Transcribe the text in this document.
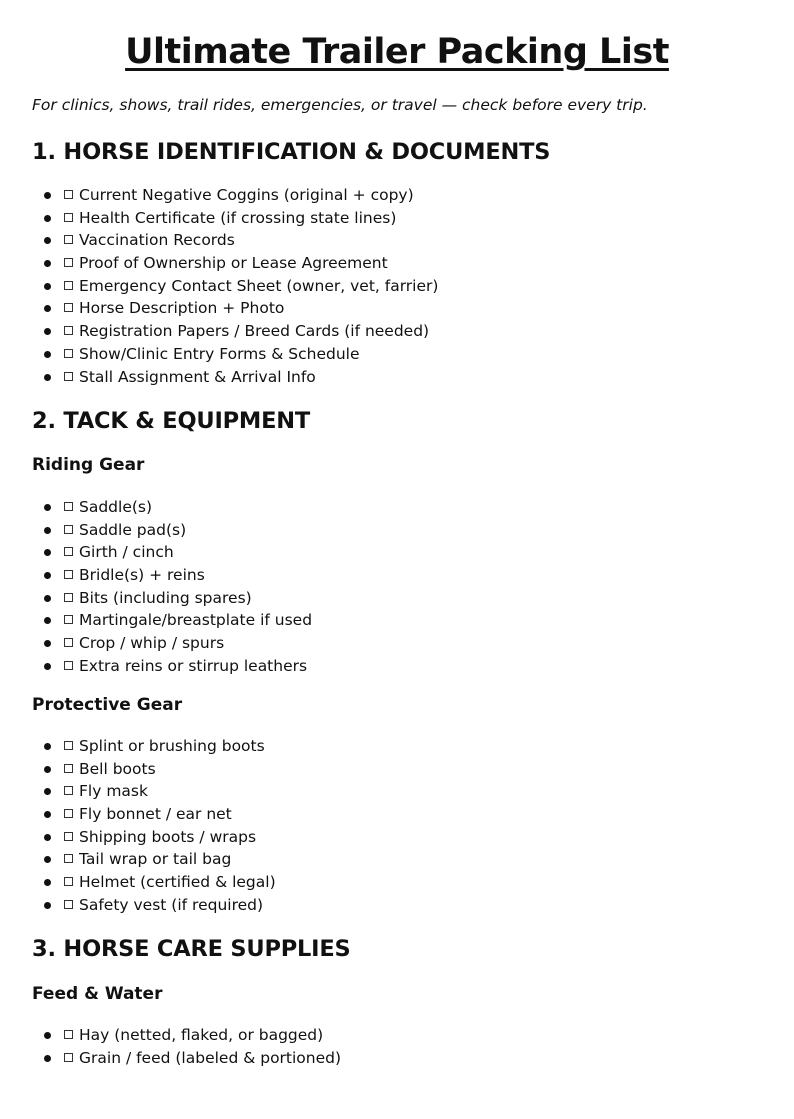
Ultimate Trailer Packing List

For clinics, shows, trail rides, emergencies, or travel — check before every trip.

1. HORSE IDENTIFICATION & DOCUMENTS
Current Negative Coggins (original + copy)
Health Certificate (if crossing state lines)
Vaccination Records
Proof of Ownership or Lease Agreement
Emergency Contact Sheet (owner, vet, farrier)
Horse Description + Photo
Registration Papers / Breed Cards (if needed)
Show/Clinic Entry Forms & Schedule
Stall Assignment & Arrival Info
2. TACK & EQUIPMENT
Riding Gear
Saddle(s)
Saddle pad(s)
Girth / cinch
Bridle(s) + reins
Bits (including spares)
Martingale/breastplate if used
Crop / whip / spurs
Extra reins or stirrup leathers
Protective Gear
Splint or brushing boots
Bell boots
Fly mask
Fly bonnet / ear net
Shipping boots / wraps
Tail wrap or tail bag
Helmet (certified & legal)
Safety vest (if required)
3. HORSE CARE SUPPLIES
Feed & Water
Hay (netted, flaked, or bagged)
Grain / feed (labeled & portioned)
